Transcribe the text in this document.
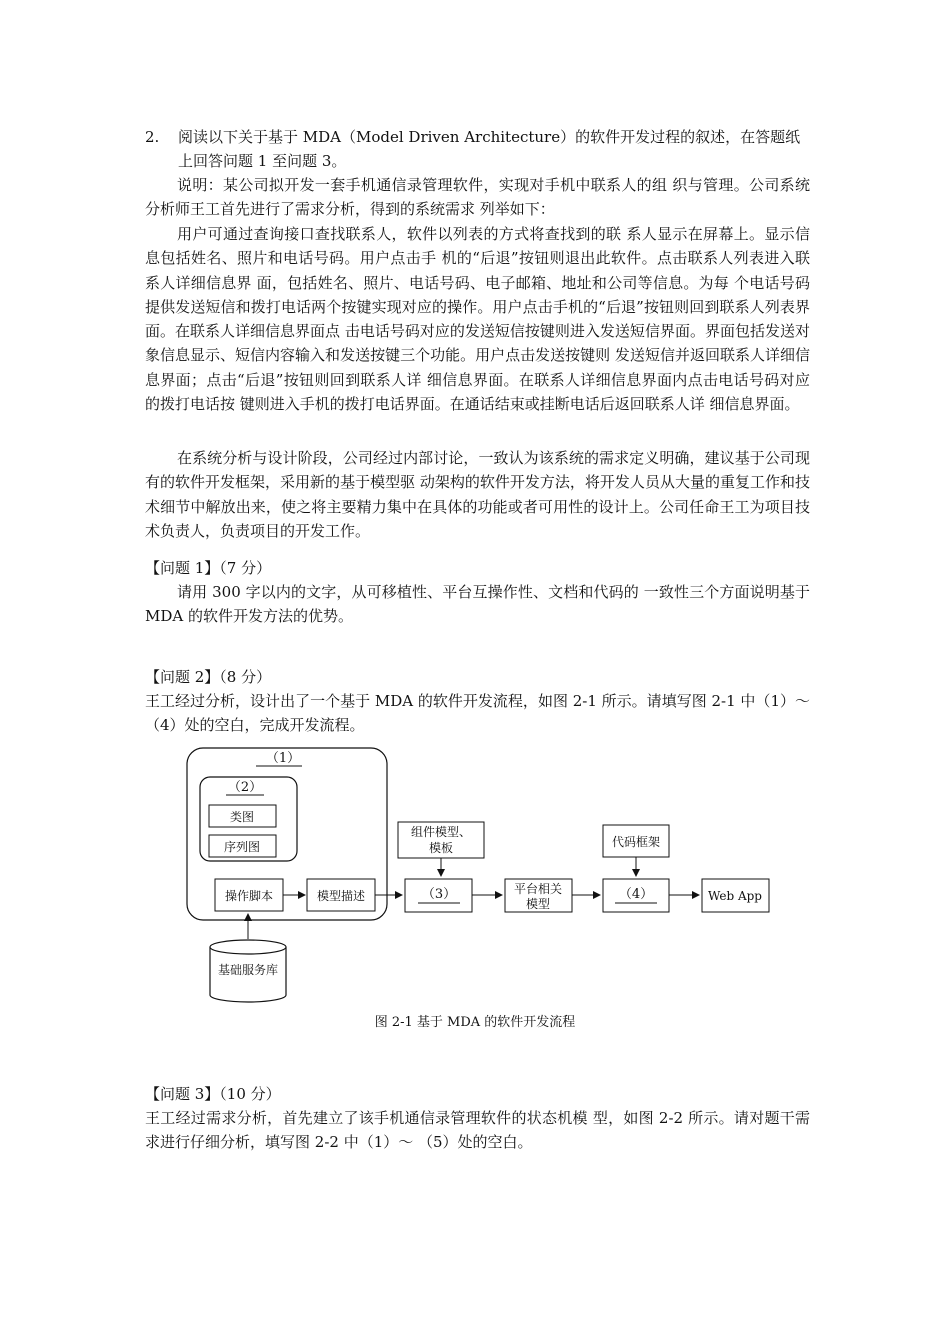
2. 阅读以下关于基于 MDA（Model Driven Architecture）的软件开发过程的叙述，在答题纸上回答问题 1 至问题 3。

说明：某公司拟开发一套手机通信录管理软件，实现对手机中联系人的组 织与管理。公司系统分析师王工首先进行了需求分析，得到的系统需求 列举如下：

用户可通过查询接口查找联系人，软件以列表的方式将查找到的联 系人显示在屏幕上。显示信息包括姓名、照片和电话号码。用户点击手 机的“后退”按钮则退出此软件。点击联系人列表进入联系人详细信息界 面，包括姓名、照片、电话号码、电子邮箱、地址和公司等信息。为每 个电话号码提供发送短信和拨打电话两个按键实现对应的操作。用户点击手机的“后退”按钮则回到联系人列表界面。在联系人详细信息界面点 击电话号码对应的发送短信按键则进入发送短信界面。界面包括发送对 象信息显示、短信内容输入和发送按键三个功能。用户点击发送按键则 发送短信并返回联系人详细信息界面；点击“后退”按钮则回到联系人详 细信息界面。在联系人详细信息界面内点击电话号码对应的拨打电话按 键则进入手机的拨打电话界面。在通话结束或挂断电话后返回联系人详 细信息界面。

在系统分析与设计阶段，公司经过内部讨论，一致认为该系统的需求定义明确，建议基于公司现有的软件开发框架，采用新的基于模型驱 动架构的软件开发方法，将开发人员从大量的重复工作和技术细节中解放出来，使之将主要精力集中在具体的功能或者可用性的设计上。公司任命王工为项目技术负责人，负责项目的开发工作。

【问题 1】（7 分）

请用 300 字以内的文字，从可移植性、平台互操作性、文档和代码的 一致性三个方面说明基于 MDA 的软件开发方法的优势。

【问题 2】（8 分）

王工经过分析，设计出了一个基于 MDA 的软件开发流程，如图 2-1 所示。请填写图 2-1 中（1）～（4）处的空白，完成开发流程。

（1）
（2）
类图
序列图
操作脚本	模型描述
组件模型、
模板
（3）	平台相关
模型
代码框架
（4）	Web App
基础服务库
图 2-1 基于 MDA 的软件开发流程

【问题 3】（10 分）

王工经过需求分析，首先建立了该手机通信录管理软件的状态机模 型，如图 2-2 所示。请对题干需求进行仔细分析，填写图 2-2 中（1）～ （5）处的空白。
